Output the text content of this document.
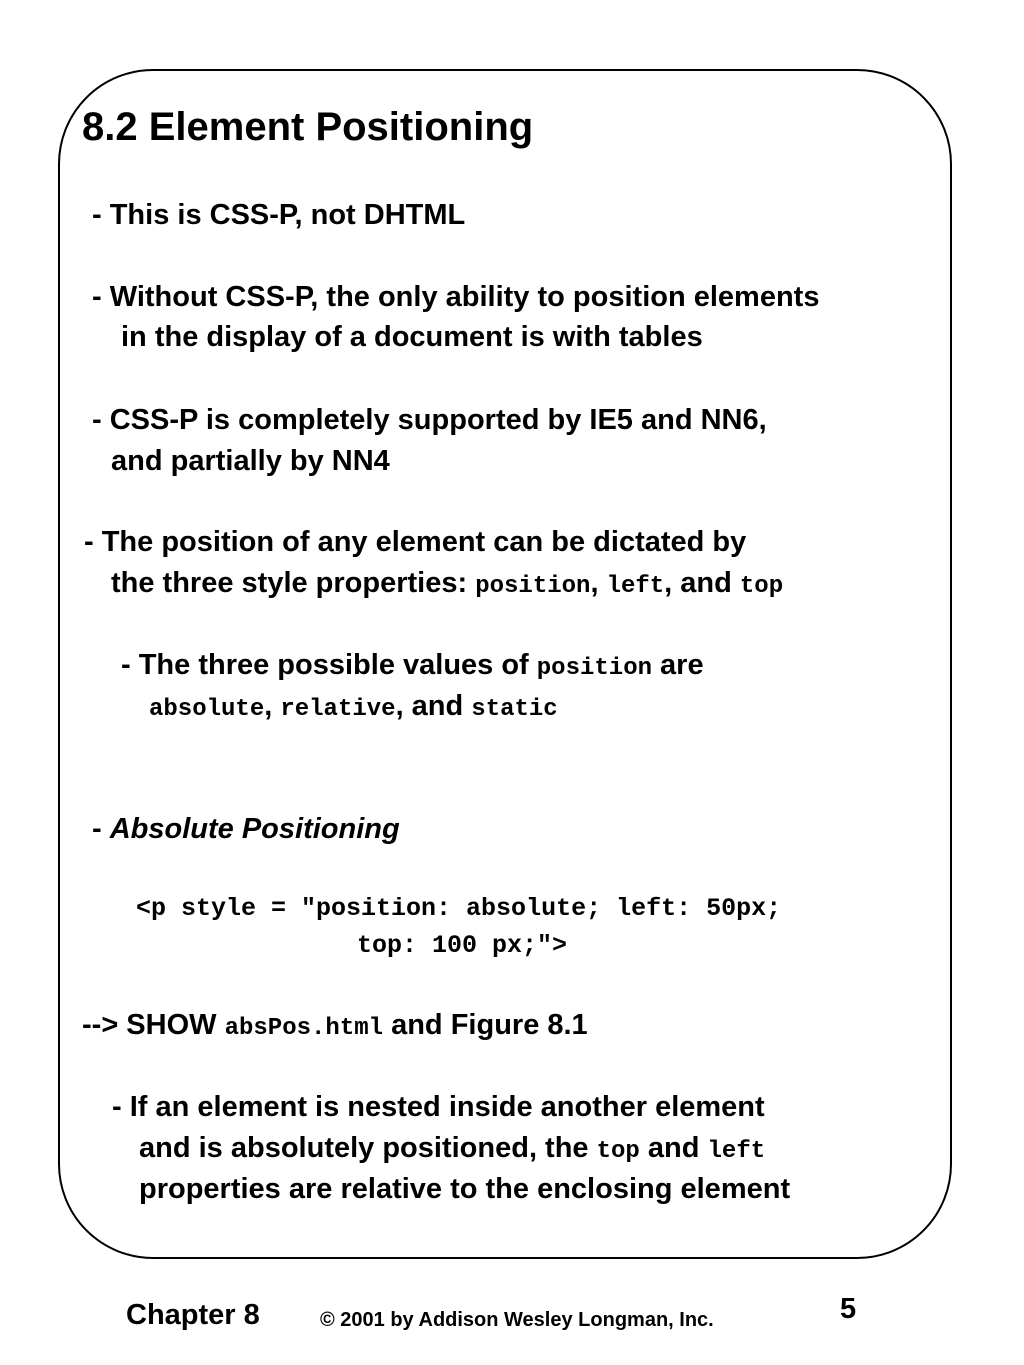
8.2 Element Positioning
- This is CSS-P, not DHTML
- Without CSS-P, the only ability to position elements
in the display of a document is with tables
- CSS-P is completely supported by IE5 and NN6,
and partially by NN4
- The position of any element can be dictated by
the three style properties: position, left, and top
- The three possible values of position are
absolute, relative, and static
- Absolute Positioning
<p style = "position: absolute; left: 50px;
top: 100 px;">
--> SHOW absPos.html and Figure 8.1
- If an element is nested inside another element
and is absolutely positioned, the top and left
properties are relative to the enclosing element
Chapter 8	© 2001 by Addison Wesley Longman, Inc.	5
